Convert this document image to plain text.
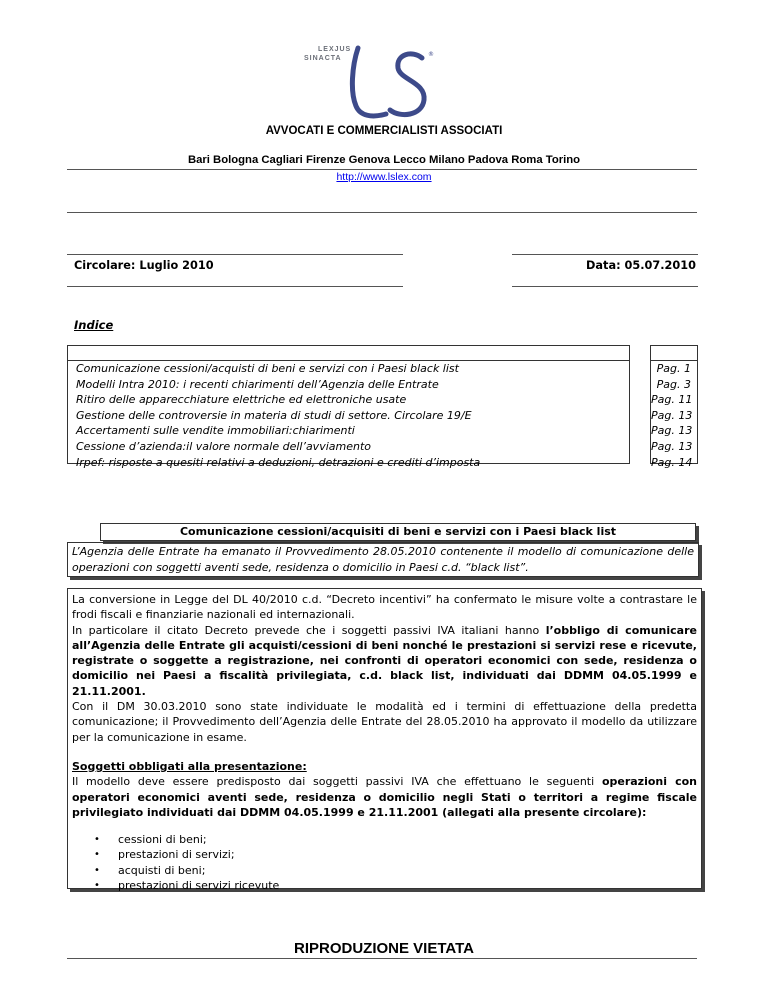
LEXJUS
SINACTA
®
AVVOCATI E COMMERCIALISTI ASSOCIATI
Bari Bologna Cagliari Firenze Genova Lecco Milano Padova Roma Torino
http://www.lslex.com
Circolare: Luglio 2010	Data: 05.07.2010
Indice
Comunicazione cessioni/acquisti di beni e servizi con i Paesi black list
Modelli Intra 2010: i recenti chiarimenti dell’Agenzia delle Entrate
Ritiro delle apparecchiature elettriche ed elettroniche usate
Gestione delle controversie in materia di studi di settore. Circolare 19/E
Accertamenti sulle vendite immobiliari:chiarimenti
Cessione d’azienda:il valore normale dell’avviamento
Irpef: risposte a quesiti relativi a deduzioni, detrazioni e crediti d’imposta
Pag. 1
Pag. 3
Pag. 11
Pag. 13
Pag. 13
Pag. 13
Pag. 14
Comunicazione cessioni/acquisiti di beni e servizi con i Paesi black list
L’Agenzia delle Entrate ha emanato il Provvedimento 28.05.2010 contenente il modello di comunicazione delle operazioni con soggetti aventi sede, residenza o domicilio in Paesi c.d. “black list”.

La conversione in Legge del DL 40/2010 c.d. “Decreto incentivi” ha confermato le misure volte a contrastare le frodi fiscali e finanziarie nazionali ed internazionali.

In particolare il citato Decreto prevede che i soggetti passivi IVA italiani hanno l’obbligo di comunicare all’Agenzia delle Entrate gli acquisti/cessioni di beni nonché le prestazioni si servizi rese e ricevute, registrate o soggette a registrazione, nei confronti di operatori economici con sede, residenza o domicilio nei Paesi a fiscalità privilegiata, c.d. black list, individuati dai DDMM 04.05.1999 e 21.11.2001.

Con il DM 30.03.2010 sono state individuate le modalità ed i termini di effettuazione della predetta comunicazione; il Provvedimento dell’Agenzia delle Entrate del 28.05.2010 ha approvato il modello da utilizzare per la comunicazione in esame.

Soggetti obbligati alla presentazione:

Il modello deve essere predisposto dai soggetti passivi IVA che effettuano le seguenti operazioni con operatori economici aventi sede, residenza o domicilio negli Stati o territori a regime fiscale privilegiato individuati dai DDMM 04.05.1999 e 21.11.2001 (allegati alla presente circolare):

• cessioni di beni;
• prestazioni di servizi;
• acquisti di beni;
• prestazioni di servizi ricevute
RIPRODUZIONE VIETATA
